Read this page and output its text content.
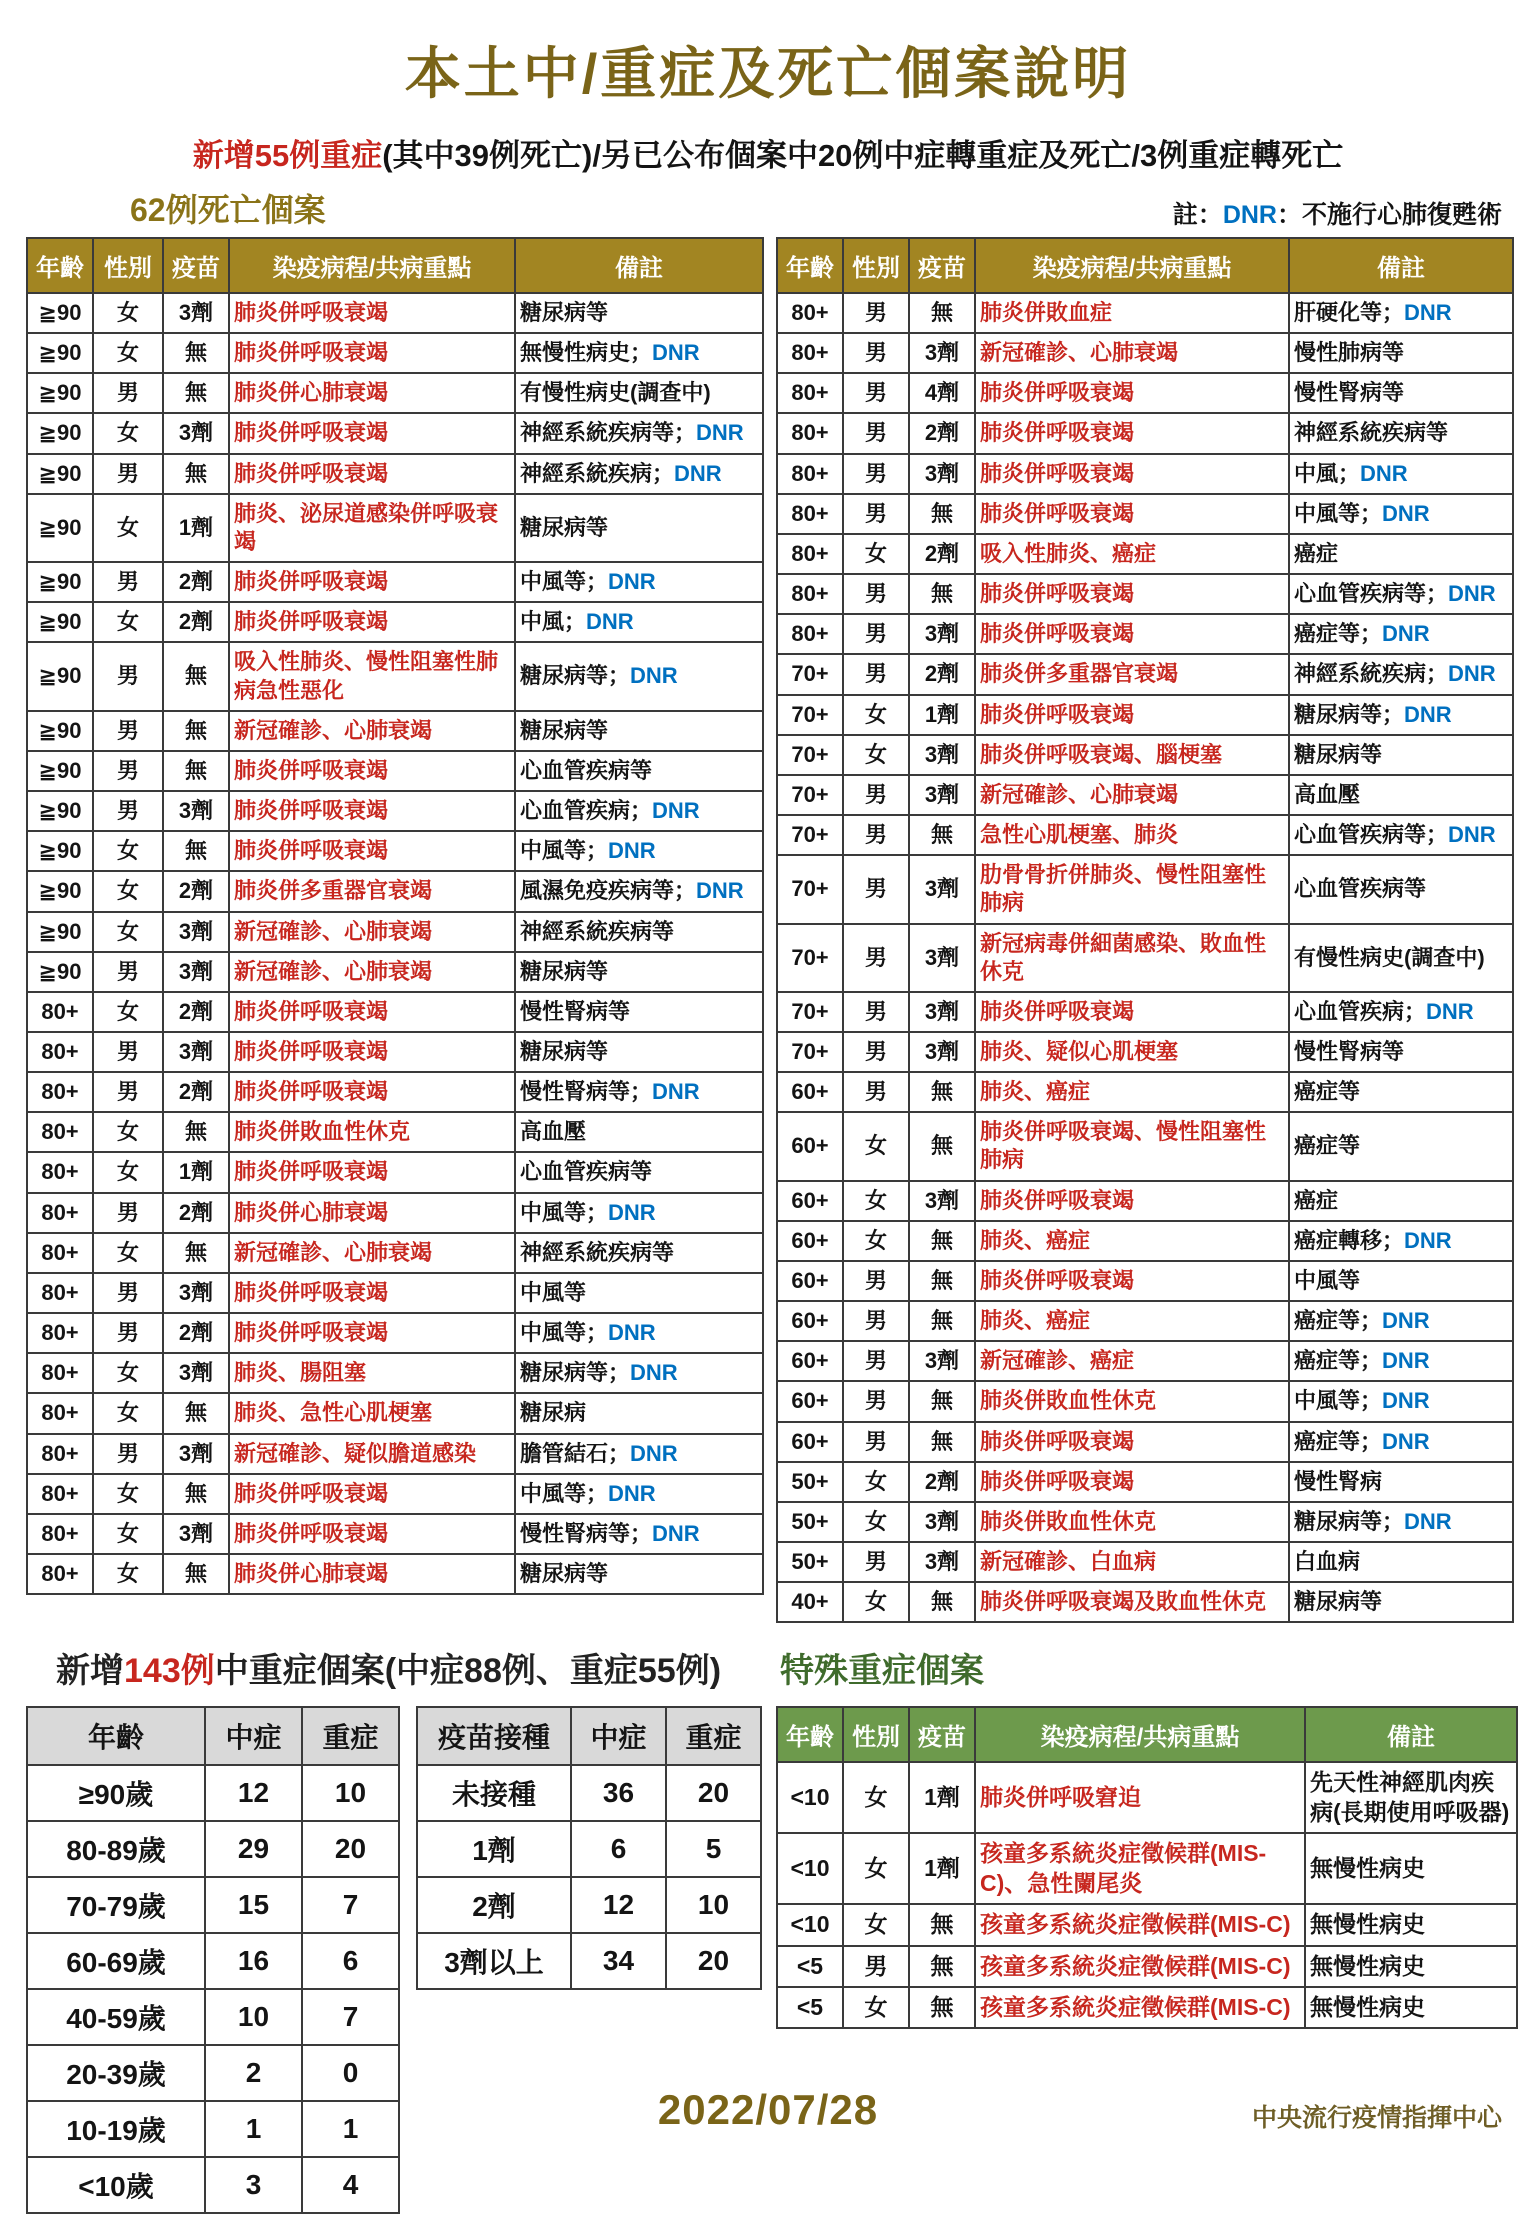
本土中/重症及死亡個案說明
新增55例重症(其中39例死亡)/另已公布個案中20例中症轉重症及死亡/3例重症轉死亡
62例死亡個案	註：DNR：不施行心肺復甦術
年齡	性別	疫苗	染疫病程/共病重點	備註
≧90	女	3劑	肺炎併呼吸衰竭	糖尿病等
≧90	女	無	肺炎併呼吸衰竭	無慢性病史；DNR
≧90	男	無	肺炎併心肺衰竭	有慢性病史(調查中)
≧90	女	3劑	肺炎併呼吸衰竭	神經系統疾病等；DNR
≧90	男	無	肺炎併呼吸衰竭	神經系統疾病；DNR
≧90	女	1劑	肺炎、泌尿道感染併呼吸衰竭	糖尿病等
≧90	男	2劑	肺炎併呼吸衰竭	中風等；DNR
≧90	女	2劑	肺炎併呼吸衰竭	中風；DNR
≧90	男	無	吸入性肺炎、慢性阻塞性肺病急性惡化	糖尿病等；DNR
≧90	男	無	新冠確診、心肺衰竭	糖尿病等
≧90	男	無	肺炎併呼吸衰竭	心血管疾病等
≧90	男	3劑	肺炎併呼吸衰竭	心血管疾病；DNR
≧90	女	無	肺炎併呼吸衰竭	中風等；DNR
≧90	女	2劑	肺炎併多重器官衰竭	風濕免疫疾病等；DNR
≧90	女	3劑	新冠確診、心肺衰竭	神經系統疾病等
≧90	男	3劑	新冠確診、心肺衰竭	糖尿病等
80+	女	2劑	肺炎併呼吸衰竭	慢性腎病等
80+	男	3劑	肺炎併呼吸衰竭	糖尿病等
80+	男	2劑	肺炎併呼吸衰竭	慢性腎病等；DNR
80+	女	無	肺炎併敗血性休克	高血壓
80+	女	1劑	肺炎併呼吸衰竭	心血管疾病等
80+	男	2劑	肺炎併心肺衰竭	中風等；DNR
80+	女	無	新冠確診、心肺衰竭	神經系統疾病等
80+	男	3劑	肺炎併呼吸衰竭	中風等
80+	男	2劑	肺炎併呼吸衰竭	中風等；DNR
80+	女	3劑	肺炎、腸阻塞	糖尿病等；DNR
80+	女	無	肺炎、急性心肌梗塞	糖尿病
80+	男	3劑	新冠確診、疑似膽道感染	膽管結石；DNR
80+	女	無	肺炎併呼吸衰竭	中風等；DNR
80+	女	3劑	肺炎併呼吸衰竭	慢性腎病等；DNR
80+	女	無	肺炎併心肺衰竭	糖尿病等
年齡	性別	疫苗	染疫病程/共病重點	備註
80+	男	無	肺炎併敗血症	肝硬化等；DNR
80+	男	3劑	新冠確診、心肺衰竭	慢性肺病等
80+	男	4劑	肺炎併呼吸衰竭	慢性腎病等
80+	男	2劑	肺炎併呼吸衰竭	神經系統疾病等
80+	男	3劑	肺炎併呼吸衰竭	中風；DNR
80+	男	無	肺炎併呼吸衰竭	中風等；DNR
80+	女	2劑	吸入性肺炎、癌症	癌症
80+	男	無	肺炎併呼吸衰竭	心血管疾病等；DNR
80+	男	3劑	肺炎併呼吸衰竭	癌症等；DNR
70+	男	2劑	肺炎併多重器官衰竭	神經系統疾病；DNR
70+	女	1劑	肺炎併呼吸衰竭	糖尿病等；DNR
70+	女	3劑	肺炎併呼吸衰竭、腦梗塞	糖尿病等
70+	男	3劑	新冠確診、心肺衰竭	高血壓
70+	男	無	急性心肌梗塞、肺炎	心血管疾病等；DNR
70+	男	3劑	肋骨骨折併肺炎、慢性阻塞性肺病	心血管疾病等
70+	男	3劑	新冠病毒併細菌感染、敗血性休克	有慢性病史(調查中)
70+	男	3劑	肺炎併呼吸衰竭	心血管疾病；DNR
70+	男	3劑	肺炎、疑似心肌梗塞	慢性腎病等
60+	男	無	肺炎、癌症	癌症等
60+	女	無	肺炎併呼吸衰竭、慢性阻塞性肺病	癌症等
60+	女	3劑	肺炎併呼吸衰竭	癌症
60+	女	無	肺炎、癌症	癌症轉移；DNR
60+	男	無	肺炎併呼吸衰竭	中風等
60+	男	無	肺炎、癌症	癌症等；DNR
60+	男	3劑	新冠確診、癌症	癌症等；DNR
60+	男	無	肺炎併敗血性休克	中風等；DNR
60+	男	無	肺炎併呼吸衰竭	癌症等；DNR
50+	女	2劑	肺炎併呼吸衰竭	慢性腎病
50+	女	3劑	肺炎併敗血性休克	糖尿病等；DNR
50+	男	3劑	新冠確診、白血病	白血病
40+	女	無	肺炎併呼吸衰竭及敗血性休克	糖尿病等
新增143例中重症個案(中症88例、重症55例)
年齡	中症	重症
≥90歲	12	10
80-89歲	29	20
70-79歲	15	7
60-69歲	16	6
40-59歲	10	7
20-39歲	2	0
10-19歲	1	1
<10歲	3	4
疫苗接種	中症	重症
未接種	36	20
1劑	6	5
2劑	12	10
3劑以上	34	20
特殊重症個案
年齡	性別	疫苗	染疫病程/共病重點	備註
<10	女	1劑	肺炎併呼吸窘迫	先天性神經肌肉疾病(長期使用呼吸器)
<10	女	1劑	孩童多系統炎症徵候群(MIS-C)、急性闌尾炎	無慢性病史
<10	女	無	孩童多系統炎症徵候群(MIS-C)	無慢性病史
<5	男	無	孩童多系統炎症徵候群(MIS-C)	無慢性病史
<5	女	無	孩童多系統炎症徵候群(MIS-C)	無慢性病史
2022/07/28	中央流行疫情指揮中心
